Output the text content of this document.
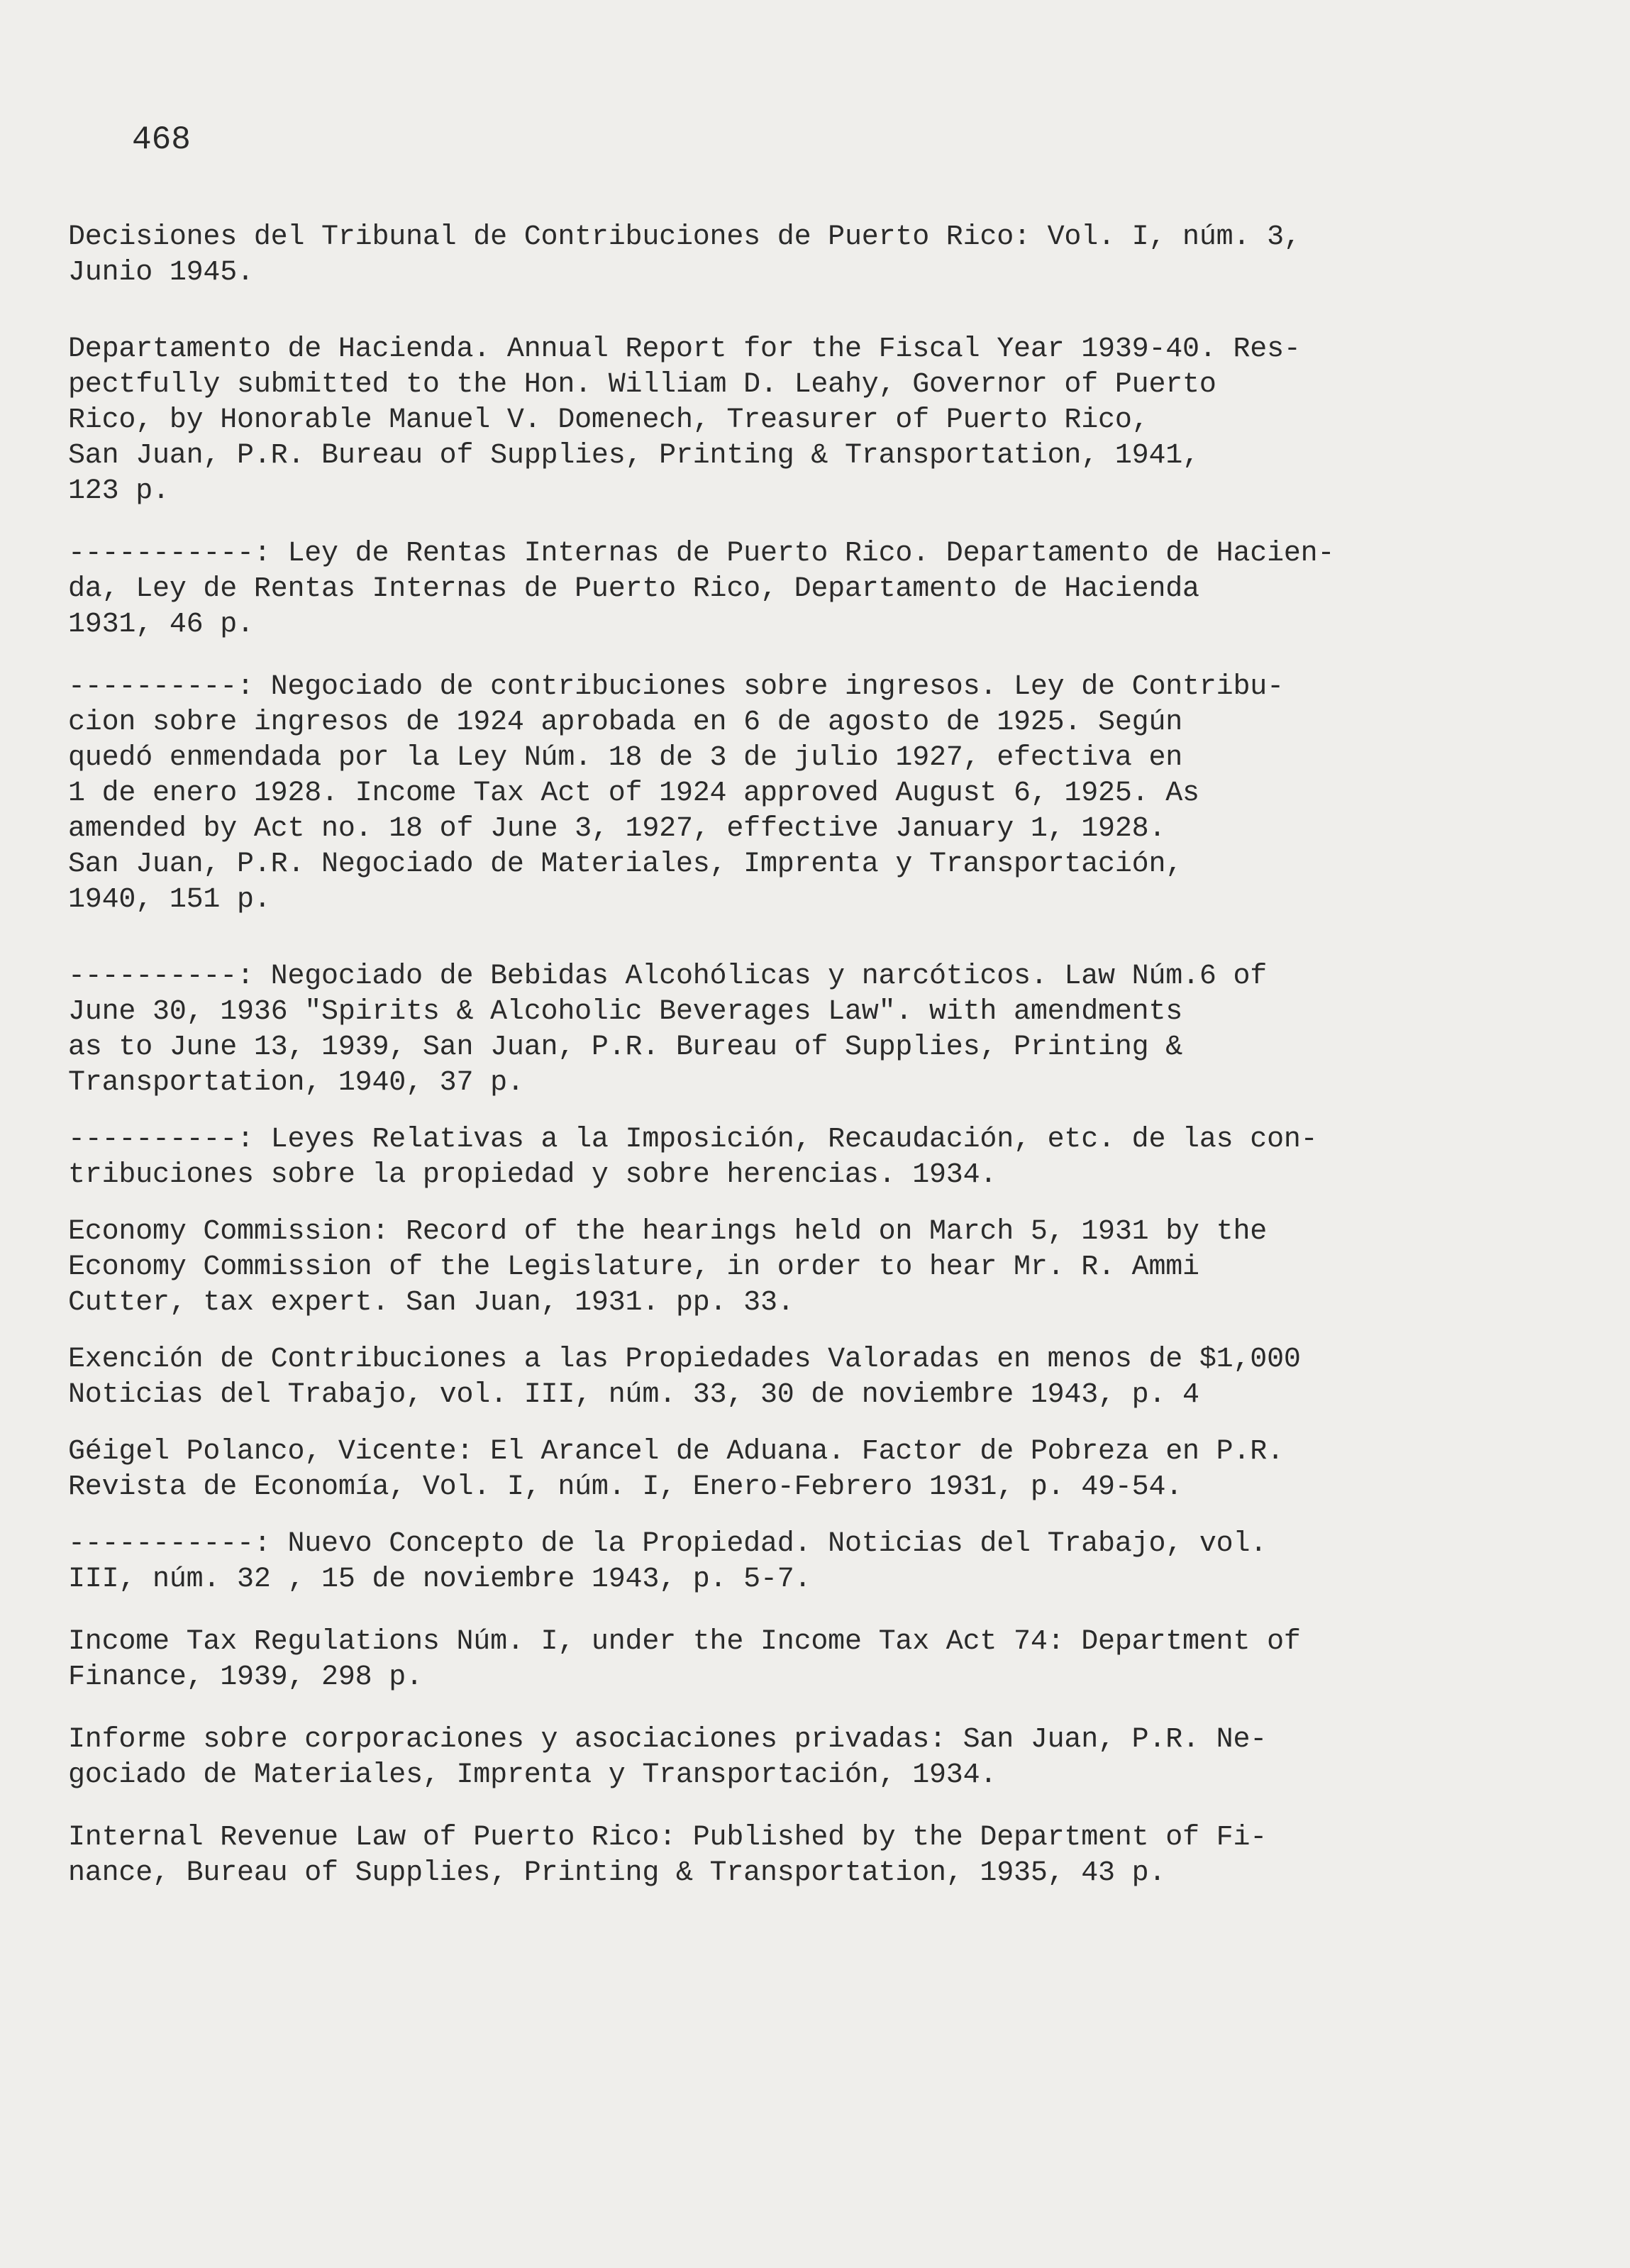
468
Decisiones del Tribunal de Contribuciones de Puerto Rico: Vol. I, núm. 3,
Junio 1945.
Departamento de Hacienda. Annual Report for the Fiscal Year 1939-40. Res-
pectfully submitted to the Hon. William D. Leahy, Governor of Puerto
Rico, by Honorable Manuel V. Domenech, Treasurer of Puerto Rico,
San Juan, P.R. Bureau of Supplies, Printing & Transportation, 1941,
123 p.
-----------: Ley de Rentas Internas de Puerto Rico. Departamento de Hacien-
da, Ley de Rentas Internas de Puerto Rico, Departamento de Hacienda
1931, 46 p.
----------: Negociado de contribuciones sobre ingresos. Ley de Contribu-
cion sobre ingresos de 1924 aprobada en 6 de agosto de 1925. Según
quedó enmendada por la Ley Núm. 18 de 3 de julio 1927, efectiva en
1 de enero 1928. Income Tax Act of 1924 approved August 6, 1925. As
amended by Act no. 18 of June 3, 1927, effective January 1, 1928.
San Juan, P.R. Negociado de Materiales, Imprenta y Transportación,
1940, 151 p.
----------: Negociado de Bebidas Alcohólicas y narcóticos. Law Núm.6 of
June 30, 1936 "Spirits & Alcoholic Beverages Law". with amendments
as to June 13, 1939, San Juan, P.R. Bureau of Supplies, Printing &
Transportation, 1940, 37 p.
----------: Leyes Relativas a la Imposición, Recaudación, etc. de las con-
tribuciones sobre la propiedad y sobre herencias. 1934.
Economy Commission: Record of the hearings held on March 5, 1931 by the
Economy Commission of the Legislature, in order to hear Mr. R. Ammi
Cutter, tax expert. San Juan, 1931. pp. 33.
Exención de Contribuciones a las Propiedades Valoradas en menos de $1,000
Noticias del Trabajo, vol. III, núm. 33, 30 de noviembre 1943, p. 4
Géigel Polanco, Vicente: El Arancel de Aduana. Factor de Pobreza en P.R.
Revista de Economía, Vol. I, núm. I, Enero-Febrero 1931, p. 49-54.
-----------: Nuevo Concepto de la Propiedad. Noticias del Trabajo, vol.
III, núm. 32 , 15 de noviembre 1943, p. 5-7.
Income Tax Regulations Núm. I, under the Income Tax Act 74: Department of
Finance, 1939, 298 p.
Informe sobre corporaciones y asociaciones privadas: San Juan, P.R. Ne-
gociado de Materiales, Imprenta y Transportación, 1934.
Internal Revenue Law of Puerto Rico: Published by the Department of Fi-
nance, Bureau of Supplies, Printing & Transportation, 1935, 43 p.
